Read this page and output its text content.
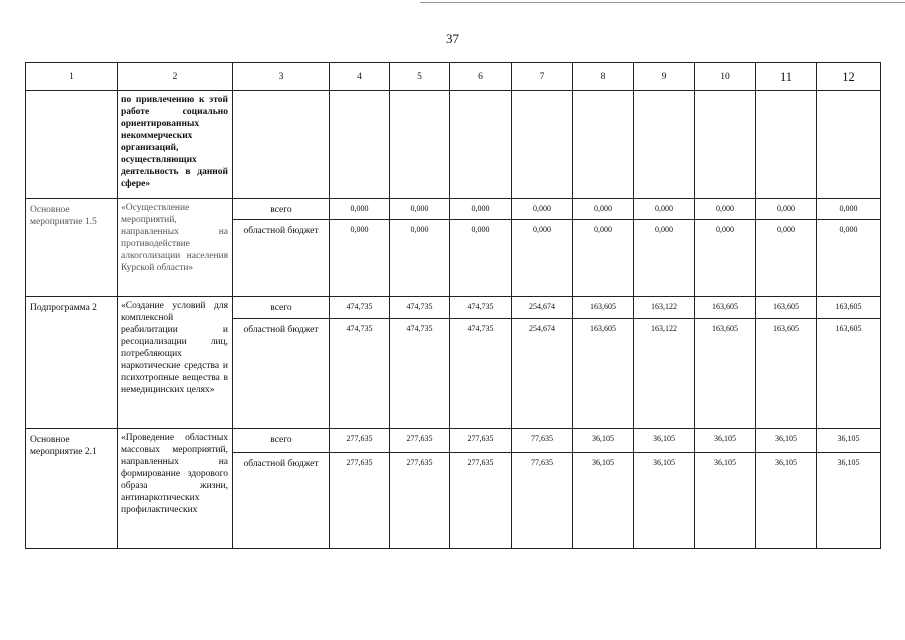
37
1	2	3	4	5	6	7	8	9	10	11	12
	по привлечению к этой работе социально ориентированных некоммерческих организаций, осуществляющих деятельность в данной сфере»										
Основное мероприятие 1.5	«Осуществление мероприятий, направленных на противодействие алкоголизации населения Курской области»	всего	0,000	0,000	0,000	0,000	0,000	0,000	0,000	0,000	0,000
		областной бюджет	0,000	0,000	0,000	0,000	0,000	0,000	0,000	0,000	0,000
Подпрограмма 2	«Создание условий для комплексной реабилитации и ресоциализации лиц, потребляющих наркотические средства и психотропные вещества в немедицинских целях»	всего	474,735	474,735	474,735	254,674	163,605	163,122	163,605	163,605	163,605
		областной бюджет	474,735	474,735	474,735	254,674	163,605	163,122	163,605	163,605	163,605
Основное мероприятие 2.1	«Проведение областных массовых мероприятий, направленных на формирование здорового образа жизни, антинаркотических профилактических	всего	277,635	277,635	277,635	77,635	36,105	36,105	36,105	36,105	36,105
		областной бюджет	277,635	277,635	277,635	77,635	36,105	36,105	36,105	36,105	36,105
